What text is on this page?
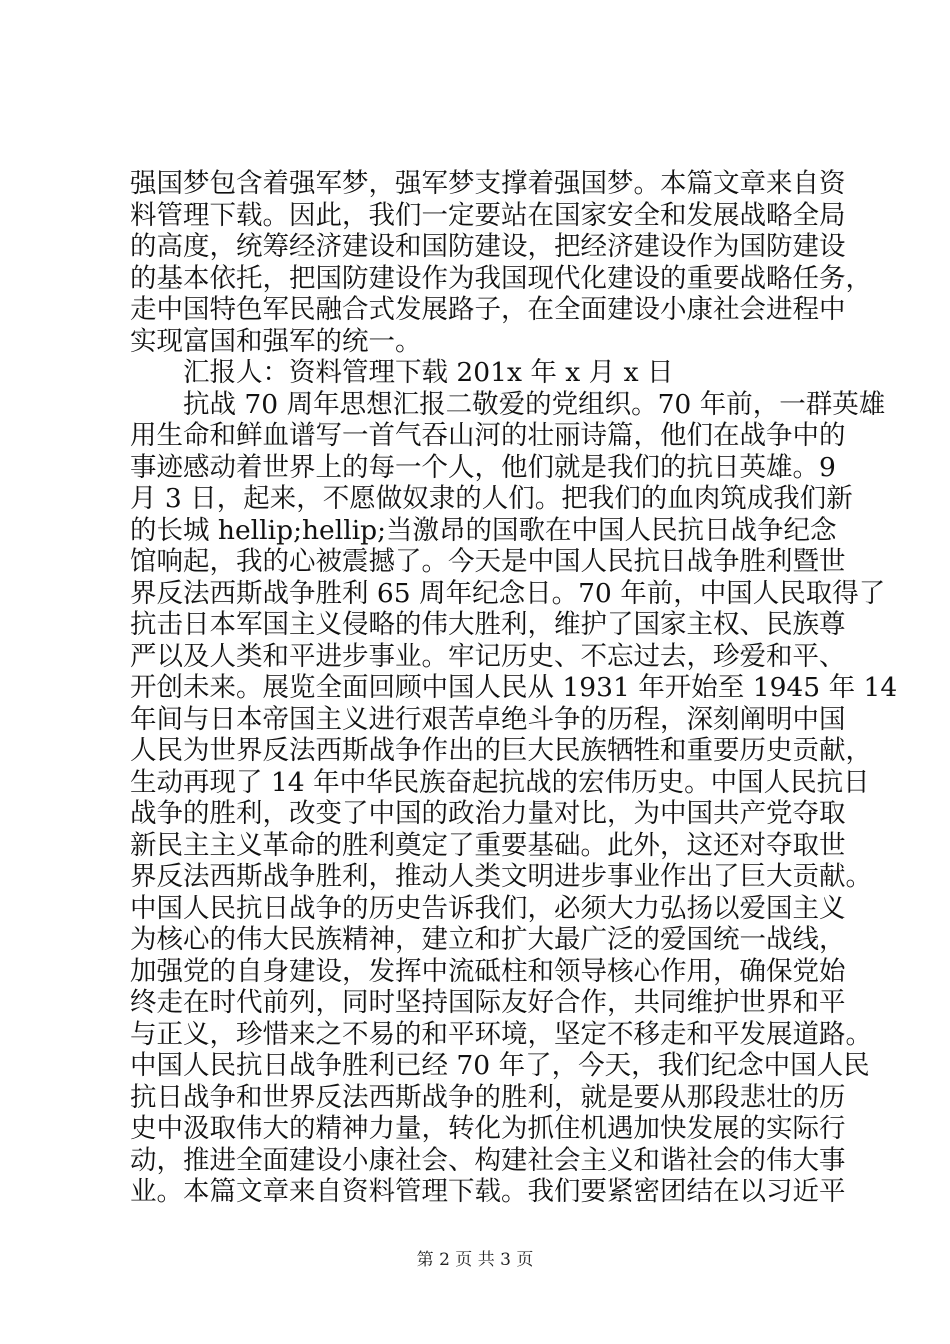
强国梦包含着强军梦，强军梦支撑着强国梦。本篇文章来自资
料管理下载。因此，我们一定要站在国家安全和发展战略全局
的高度，统筹经济建设和国防建设，把经济建设作为国防建设
的基本依托，把国防建设作为我国现代化建设的重要战略任务，
走中国特色军民融合式发展路子，在全面建设小康社会进程中
实现富国和强军的统一。
汇报人：资料管理下载 201x 年 x 月 x 日
抗战 70 周年思想汇报二敬爱的党组织。70 年前，一群英雄
用生命和鲜血谱写一首气吞山河的壮丽诗篇，他们在战争中的
事迹感动着世界上的每一个人，他们就是我们的抗日英雄。9
月 3 日，起来，不愿做奴隶的人们。把我们的血肉筑成我们新
的长城 hellip;hellip;当激昂的国歌在中国人民抗日战争纪念
馆响起，我的心被震撼了。今天是中国人民抗日战争胜利暨世
界反法西斯战争胜利 65 周年纪念日。70 年前，中国人民取得了
抗击日本军国主义侵略的伟大胜利，维护了国家主权、民族尊
严以及人类和平进步事业。牢记历史、不忘过去，珍爱和平、
开创未来。展览全面回顾中国人民从 1931 年开始至 1945 年 14
年间与日本帝国主义进行艰苦卓绝斗争的历程，深刻阐明中国
人民为世界反法西斯战争作出的巨大民族牺牲和重要历史贡献，
生动再现了 14 年中华民族奋起抗战的宏伟历史。中国人民抗日
战争的胜利，改变了中国的政治力量对比，为中国共产党夺取
新民主主义革命的胜利奠定了重要基础。此外，这还对夺取世
界反法西斯战争胜利，推动人类文明进步事业作出了巨大贡献。
中国人民抗日战争的历史告诉我们，必须大力弘扬以爱国主义
为核心的伟大民族精神，建立和扩大最广泛的爱国统一战线，
加强党的自身建设，发挥中流砥柱和领导核心作用，确保党始
终走在时代前列，同时坚持国际友好合作，共同维护世界和平
与正义，珍惜来之不易的和平环境，坚定不移走和平发展道路。
中国人民抗日战争胜利已经 70 年了，今天，我们纪念中国人民
抗日战争和世界反法西斯战争的胜利，就是要从那段悲壮的历
史中汲取伟大的精神力量，转化为抓住机遇加快发展的实际行
动，推进全面建设小康社会、构建社会主义和谐社会的伟大事
业。本篇文章来自资料管理下载。我们要紧密团结在以习近平
第 2 页 共 3 页
